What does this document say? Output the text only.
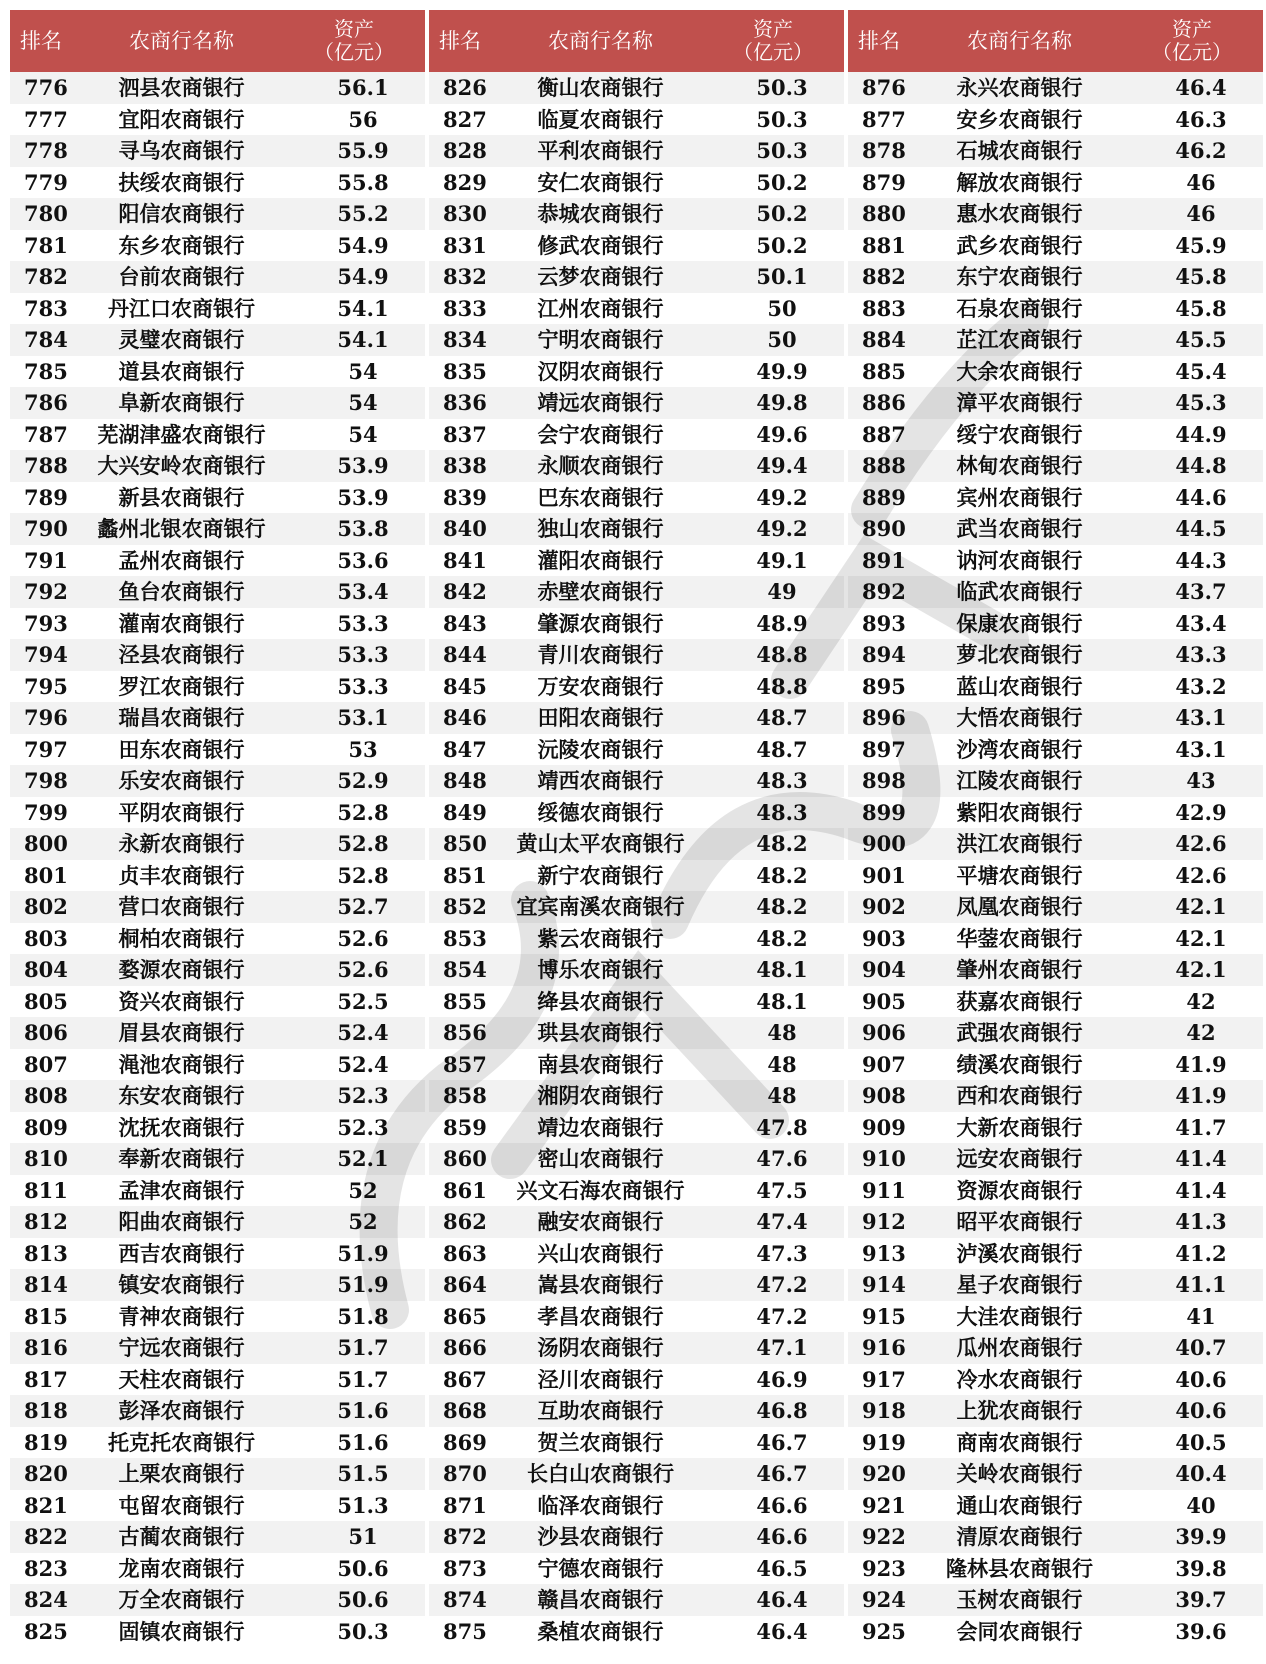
排名	农商行名称	资产
（亿元）		排名	农商行名称	资产
（亿元）		排名	农商行名称	资产
（亿元）
776	泗县农商银行	56.1		826	衡山农商银行	50.3		876	永兴农商银行	46.4
777	宜阳农商银行	56		827	临夏农商银行	50.3		877	安乡农商银行	46.3
778	寻乌农商银行	55.9		828	平利农商银行	50.3		878	石城农商银行	46.2
779	扶绥农商银行	55.8		829	安仁农商银行	50.2		879	解放农商银行	46
780	阳信农商银行	55.2		830	恭城农商银行	50.2		880	惠水农商银行	46
781	东乡农商银行	54.9		831	修武农商银行	50.2		881	武乡农商银行	45.9
782	台前农商银行	54.9		832	云梦农商银行	50.1		882	东宁农商银行	45.8
783	丹江口农商银行	54.1		833	江州农商银行	50		883	石泉农商银行	45.8
784	灵璧农商银行	54.1		834	宁明农商银行	50		884	芷江农商银行	45.5
785	道县农商银行	54		835	汉阴农商银行	49.9		885	大余农商银行	45.4
786	阜新农商银行	54		836	靖远农商银行	49.8		886	漳平农商银行	45.3
787	芜湖津盛农商银行	54		837	会宁农商银行	49.6		887	绥宁农商银行	44.9
788	大兴安岭农商银行	53.9		838	永顺农商银行	49.4		888	林甸农商银行	44.8
789	新县农商银行	53.9		839	巴东农商银行	49.2		889	宾州农商银行	44.6
790	蠡州北银农商银行	53.8		840	独山农商银行	49.2		890	武当农商银行	44.5
791	孟州农商银行	53.6		841	灌阳农商银行	49.1		891	讷河农商银行	44.3
792	鱼台农商银行	53.4		842	赤壁农商银行	49		892	临武农商银行	43.7
793	灌南农商银行	53.3		843	肇源农商银行	48.9		893	保康农商银行	43.4
794	泾县农商银行	53.3		844	青川农商银行	48.8		894	萝北农商银行	43.3
795	罗江农商银行	53.3		845	万安农商银行	48.8		895	蓝山农商银行	43.2
796	瑞昌农商银行	53.1		846	田阳农商银行	48.7		896	大悟农商银行	43.1
797	田东农商银行	53		847	沅陵农商银行	48.7		897	沙湾农商银行	43.1
798	乐安农商银行	52.9		848	靖西农商银行	48.3		898	江陵农商银行	43
799	平阴农商银行	52.8		849	绥德农商银行	48.3		899	紫阳农商银行	42.9
800	永新农商银行	52.8		850	黄山太平农商银行	48.2		900	洪江农商银行	42.6
801	贞丰农商银行	52.8		851	新宁农商银行	48.2		901	平塘农商银行	42.6
802	营口农商银行	52.7		852	宜宾南溪农商银行	48.2		902	凤凰农商银行	42.1
803	桐柏农商银行	52.6		853	紫云农商银行	48.2		903	华蓥农商银行	42.1
804	婺源农商银行	52.6		854	博乐农商银行	48.1		904	肇州农商银行	42.1
805	资兴农商银行	52.5		855	绛县农商银行	48.1		905	获嘉农商银行	42
806	眉县农商银行	52.4		856	珙县农商银行	48		906	武强农商银行	42
807	渑池农商银行	52.4		857	南县农商银行	48		907	绩溪农商银行	41.9
808	东安农商银行	52.3		858	湘阴农商银行	48		908	西和农商银行	41.9
809	沈抚农商银行	52.3		859	靖边农商银行	47.8		909	大新农商银行	41.7
810	奉新农商银行	52.1		860	密山农商银行	47.6		910	远安农商银行	41.4
811	孟津农商银行	52		861	兴文石海农商银行	47.5		911	资源农商银行	41.4
812	阳曲农商银行	52		862	融安农商银行	47.4		912	昭平农商银行	41.3
813	西吉农商银行	51.9		863	兴山农商银行	47.3		913	泸溪农商银行	41.2
814	镇安农商银行	51.9		864	嵩县农商银行	47.2		914	星子农商银行	41.1
815	青神农商银行	51.8		865	孝昌农商银行	47.2		915	大洼农商银行	41
816	宁远农商银行	51.7		866	汤阴农商银行	47.1		916	瓜州农商银行	40.7
817	天柱农商银行	51.7		867	泾川农商银行	46.9		917	冷水农商银行	40.6
818	彭泽农商银行	51.6		868	互助农商银行	46.8		918	上犹农商银行	40.6
819	托克托农商银行	51.6		869	贺兰农商银行	46.7		919	商南农商银行	40.5
820	上栗农商银行	51.5		870	长白山农商银行	46.7		920	关岭农商银行	40.4
821	屯留农商银行	51.3		871	临泽农商银行	46.6		921	通山农商银行	40
822	古蔺农商银行	51		872	沙县农商银行	46.6		922	清原农商银行	39.9
823	龙南农商银行	50.6		873	宁德农商银行	46.5		923	隆林县农商银行	39.8
824	万全农商银行	50.6		874	赣昌农商银行	46.4		924	玉树农商银行	39.7
825	固镇农商银行	50.3		875	桑植农商银行	46.4		925	会同农商银行	39.6
